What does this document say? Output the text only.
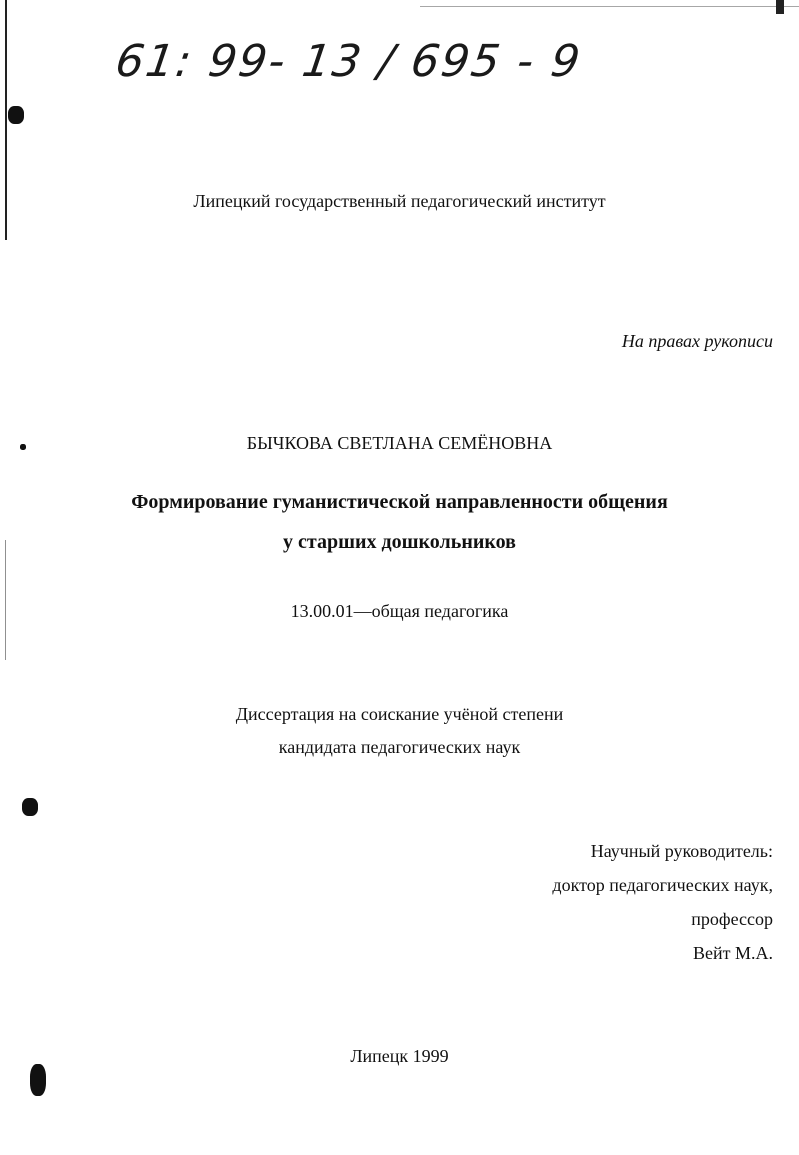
61: 99- 13 / 695 - 9
Липецкий государственный педагогический институт
На правах рукописи
БЫЧКОВА СВЕТЛАНА СЕМЁНОВНА
Формирование гуманистической направленности общения
у старших дошкольников
13.00.01—общая педагогика
Диссертация на соискание учёной степени
кандидата педагогических наук
Научный руководитель:
доктор педагогических наук,
профессор
Вейт М.А.
Липецк 1999
